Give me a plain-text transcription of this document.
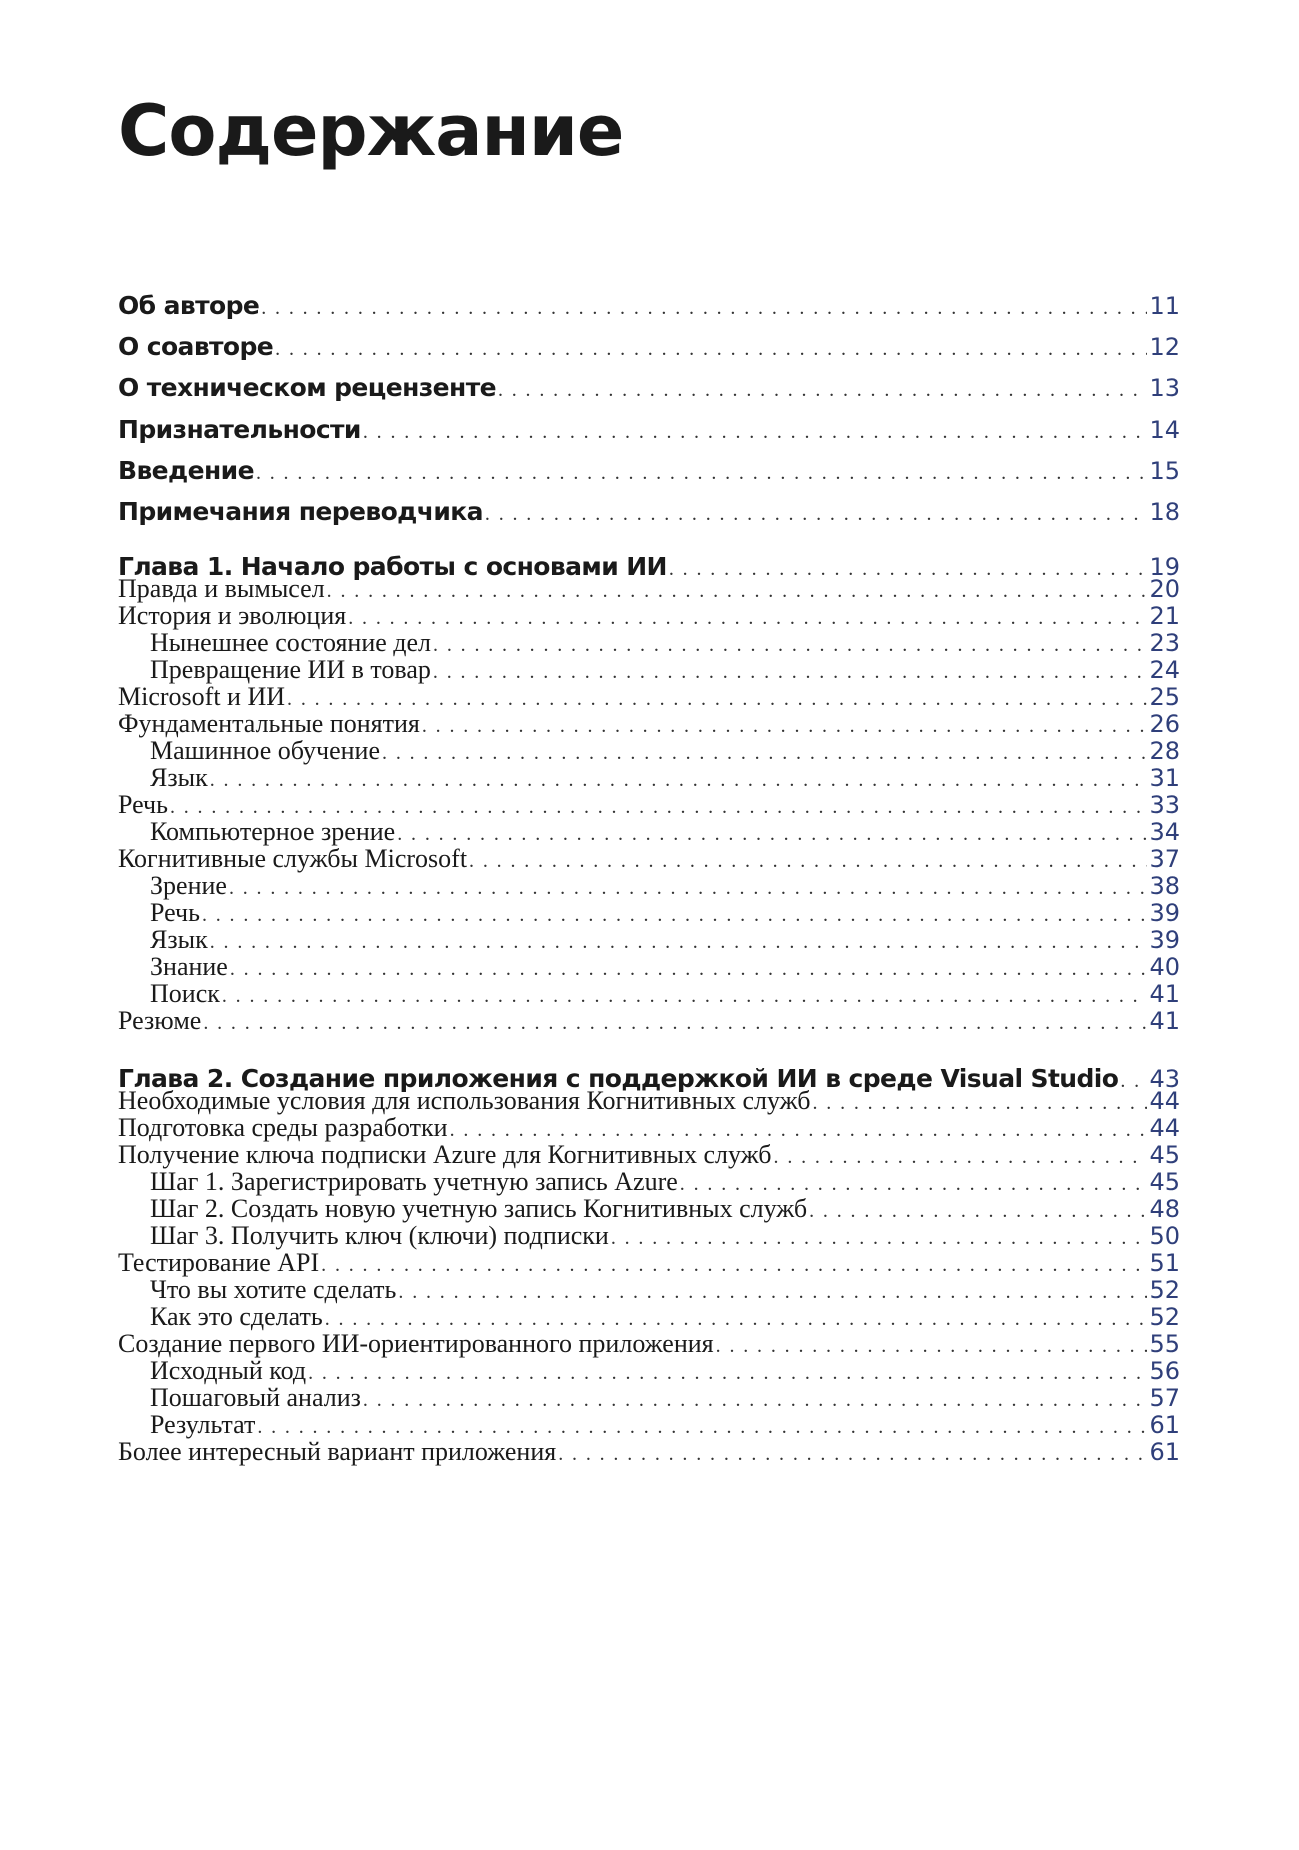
Содержание
Об авторе . . .	11
О соавторе . . .	12
О техническом рецензенте . . .	13
Признательности . . .	14
Введение . . .	15
Примечания переводчика . . .	18
Глава 1. Начало работы с основами ИИ . . .	19
Правда и вымысел . . .	20
История и эволюция . . .	21
Нынешнее состояние дел . . .	23
Превращение ИИ в товар . . .	24
Microsoft и ИИ . . .	25
Фундаментальные понятия . . .	26
Машинное обучение . . .	28
Язык . . .	31
Речь . . .	33
Компьютерное зрение . . .	34
Когнитивные службы Microsoft . . .	37
Зрение . . .	38
Речь . . .	39
Язык . . .	39
Знание . . .	40
Поиск . . .	41
Резюме . . .	41
Глава 2. Создание приложения с поддержкой ИИ в среде Visual Studio . . . 43
Необходимые условия для использования Когнитивных служб . . .	44
Подготовка среды разработки . . .	44
Получение ключа подписки Azure для Когнитивных служб . . .	45
Шаг 1. Зарегистрировать учетную запись Azure . . .	45
Шаг 2. Создать новую учетную запись Когнитивных служб . . .	48
Шаг 3. Получить ключ (ключи) подписки . . .	50
Тестирование API . . .	51
Что вы хотите сделать . . .	52
Как это сделать . . .	52
Создание первого ИИ-ориентированного приложения . . .	55
Исходный код . . .	56
Пошаговый анализ . . .	57
Результат . . .	61
Более интересный вариант приложения . . .	61
